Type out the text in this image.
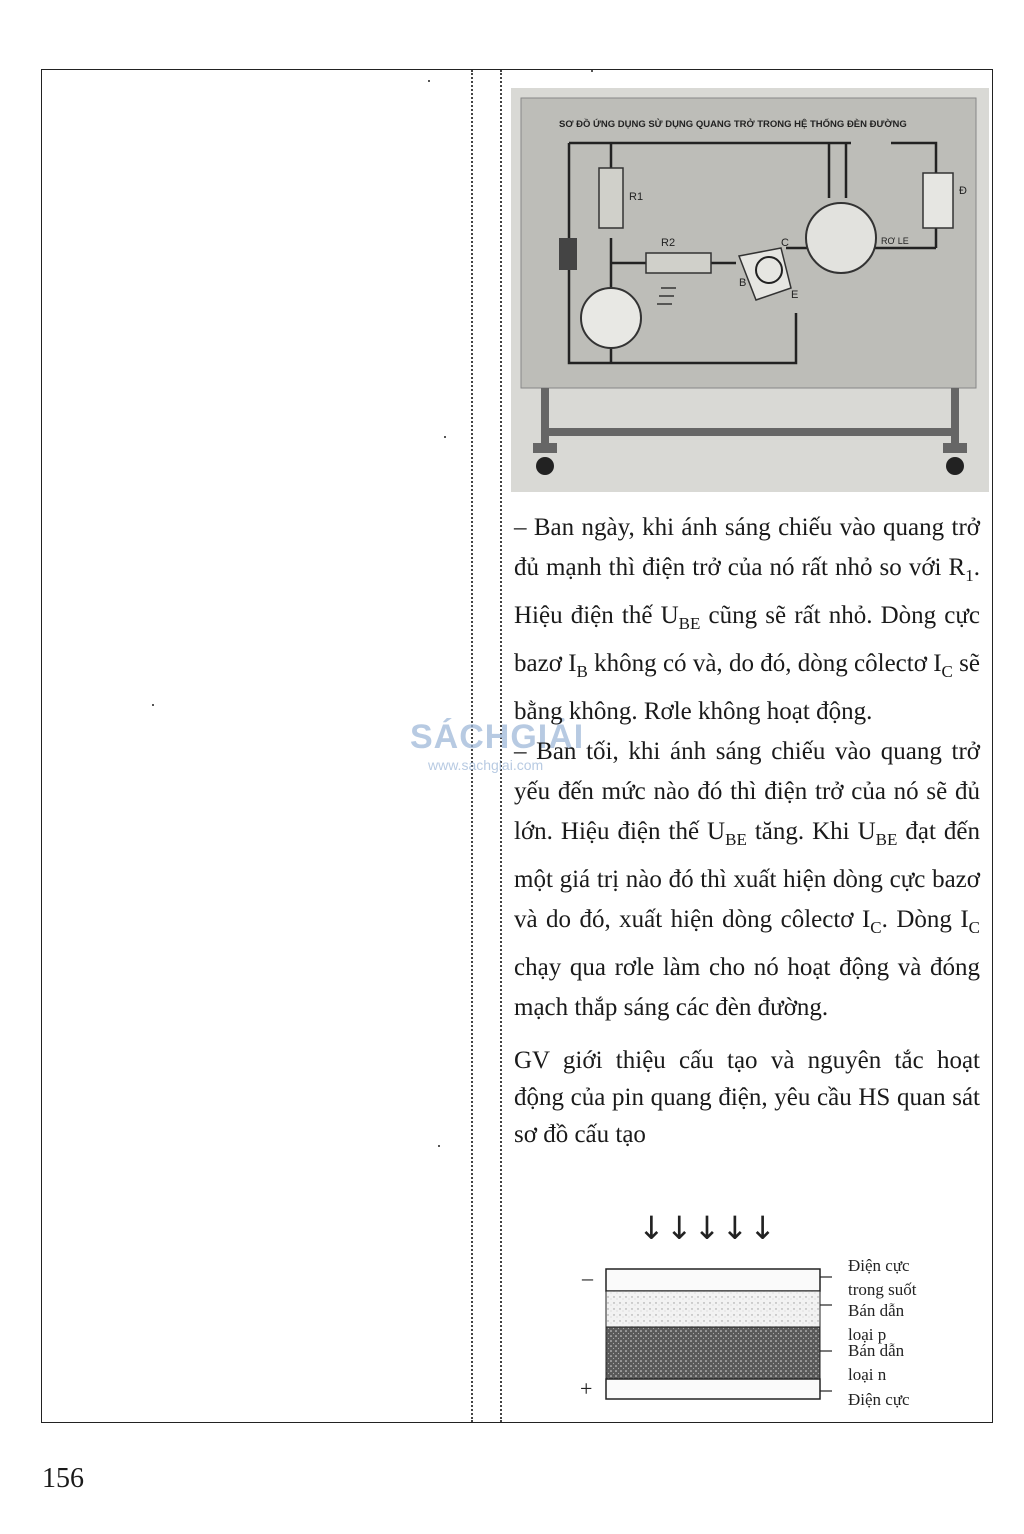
SƠ ĐỒ ỨNG DỤNG SỬ DỤNG QUANG TRỞ TRONG HỆ THỐNG ĐÈN ĐƯỜNG
R1
R2	C
B
E
RƠ LE
Đ
SÁCHGIẢI
www.sachgiai.com

– Ban ngày, khi ánh sáng chiếu vào quang trở đủ mạnh thì điện trở của nó rất nhỏ so với $R_1$. Hiệu điện thế $U_{BE}$ cũng sẽ rất nhỏ. Dòng cực bazơ $I_B$ không có và, do đó, dòng côlectơ $I_C$ sẽ bằng không. Rơle không hoạt động.

– Ban tối, khi ánh sáng chiếu vào quang trở yếu đến mức nào đó thì điện trở của nó sẽ đủ lớn. Hiệu điện thế $U_{BE}$ tăng. Khi $U_{BE}$ đạt đến một giá trị nào đó thì xuất hiện dòng cực bazơ và do đó, xuất hiện dòng côlectơ $I_C$. Dòng $I_C$ chạy qua rơle làm cho nó hoạt động và đóng mạch thắp sáng các đèn đường.

GV giới thiệu cấu tạo và nguyên tắc hoạt động của pin quang điện, yêu cầu HS quan sát sơ đồ cấu tạo

↓↓↓↓↓
–
+
Điện cực
trong suốt
Bán dẫn
loại p
Bán dẫn
loại n
Điện cực
156
